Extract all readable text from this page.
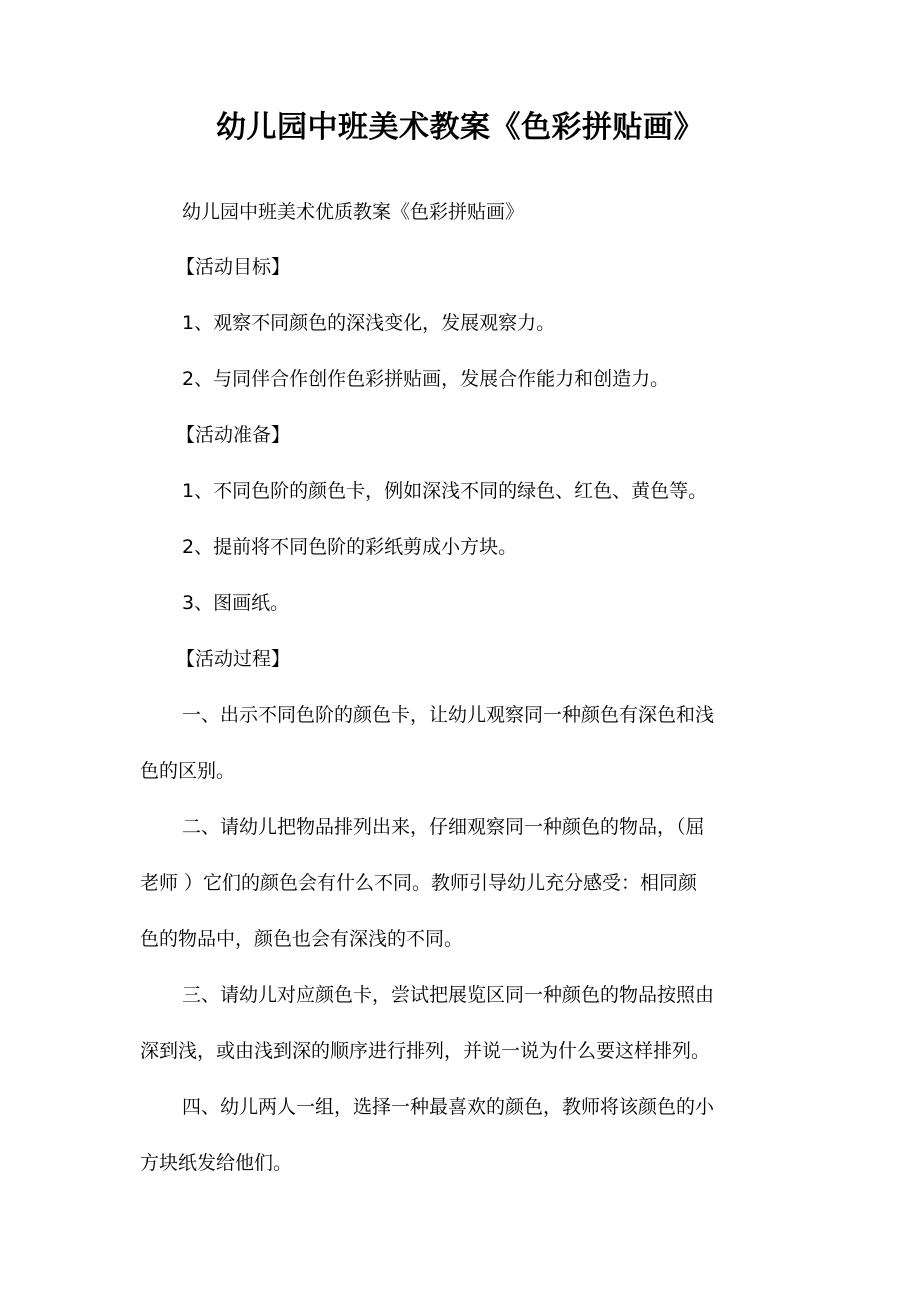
幼儿园中班美术教案《色彩拼贴画》
幼儿园中班美术优质教案《色彩拼贴画》
【活动目标】
1、观察不同颜色的深浅变化，发展观察力。
2、与同伴合作创作色彩拼贴画，发展合作能力和创造力。
【活动准备】
1、不同色阶的颜色卡，例如深浅不同的绿色、红色、黄色等。
2、提前将不同色阶的彩纸剪成小方块。
3、图画纸。
【活动过程】
一、出示不同色阶的颜色卡，让幼儿观察同一种颜色有深色和浅
色的区别。
二、请幼儿把物品排列出来，仔细观察同一种颜色的物品，（屈
老师 ）它们的颜色会有什么不同。教师引导幼儿充分感受：相同颜
色的物品中，颜色也会有深浅的不同。
三、请幼儿对应颜色卡，尝试把展览区同一种颜色的物品按照由
深到浅，或由浅到深的顺序进行排列，并说一说为什么要这样排列。
四、幼儿两人一组，选择一种最喜欢的颜色，教师将该颜色的小
方块纸发给他们。
